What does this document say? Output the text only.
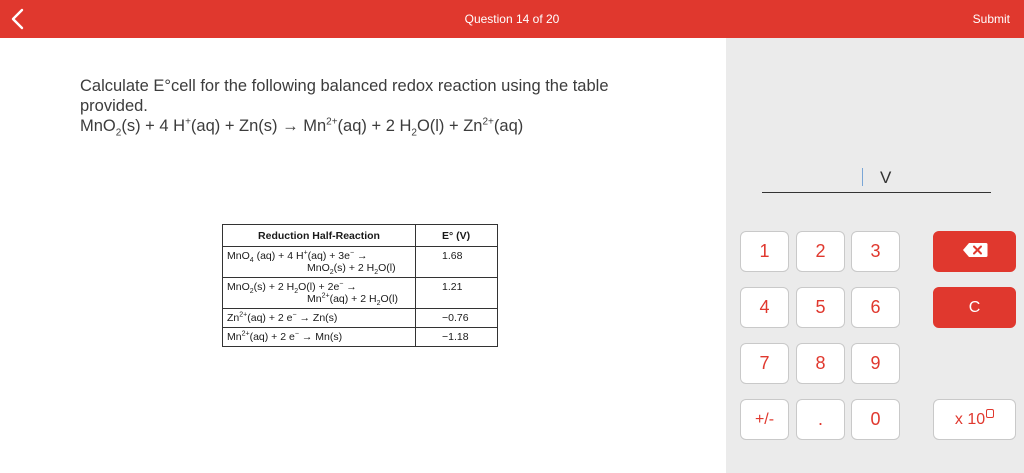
Question 14 of 20	Submit
Calculate E°cell for the following balanced redox reaction using the table provided.
MnO$_2$(s) + 4 $H^+(aq) + Zn(s) \to Mn^{2+}(aq) + 2$ $H_2O(l) + Zn^{2+}(aq)$
Reduction Half-Reaction	E° (V)

MnO$_4$ (aq) + 4 H+(aq) + 3e− →
MnO$_2$(s) + 2 $H_2O(l)$	1.68

MnO$_2$(s) + 2 $H_2O(l) + 2e^-$ →
$Mn^{2+}(aq) + 2$ $H_2O(l)$	1.21

$Zn^{2+}(aq) + 2$ e− → Zn(s)	−0.76

$Mn^{2+}(aq) + 2$ e− → Mn(s)	−1.18
V
1	2	3
4	5	6
7	8	9
+/-	.	0
C
x 10
